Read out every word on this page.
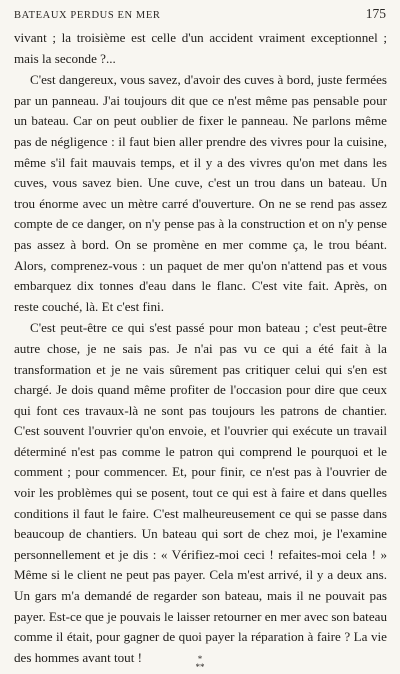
BATEAUX PERDUS EN MER	175

vivant ; la troisième est celle d'un accident vraiment exceptionnel ; mais la seconde ?...

C'est dangereux, vous savez, d'avoir des cuves à bord, juste fermées par un panneau. J'ai toujours dit que ce n'est même pas pensable pour un bateau. Car on peut oublier de fixer le panneau. Ne parlons même pas de négligence : il faut bien aller prendre des vivres pour la cuisine, même s'il fait mauvais temps, et il y a des vivres qu'on met dans les cuves, vous savez bien. Une cuve, c'est un trou dans un bateau. Un trou énorme avec un mètre carré d'ouverture. On ne se rend pas assez compte de ce danger, on n'y pense pas à la construction et on n'y pense pas assez à bord. On se promène en mer comme ça, le trou béant. Alors, comprenez-vous : un paquet de mer qu'on n'attend pas et vous embarquez dix tonnes d'eau dans le flanc. C'est vite fait. Après, on reste couché, là. Et c'est fini.

C'est peut-être ce qui s'est passé pour mon bateau ; c'est peut-être autre chose, je ne sais pas. Je n'ai pas vu ce qui a été fait à la transformation et je ne vais sûrement pas critiquer celui qui s'en est chargé. Je dois quand même profiter de l'occasion pour dire que ceux qui font ces travaux-là ne sont pas toujours les patrons de chantier. C'est souvent l'ouvrier qu'on envoie, et l'ouvrier qui exécute un travail déterminé n'est pas comme le patron qui comprend le pourquoi et le comment ; pour commencer. Et, pour finir, ce n'est pas à l'ouvrier de voir les problèmes qui se posent, tout ce qui est à faire et dans quelles conditions il faut le faire. C'est malheureusement ce qui se passe dans beaucoup de chantiers. Un bateau qui sort de chez moi, je l'examine personnellement et je dis : « Vérifiez-moi ceci ! refaites-moi cela ! » Même si le client ne peut pas payer. Cela m'est arrivé, il y a deux ans. Un gars m'a demandé de regarder son bateau, mais il ne pouvait pas payer. Est-ce que je pouvais le laisser retourner en mer avec son bateau comme il était, pour gagner de quoi payer la réparation à faire ? La vie des hommes avant tout !	*
**
